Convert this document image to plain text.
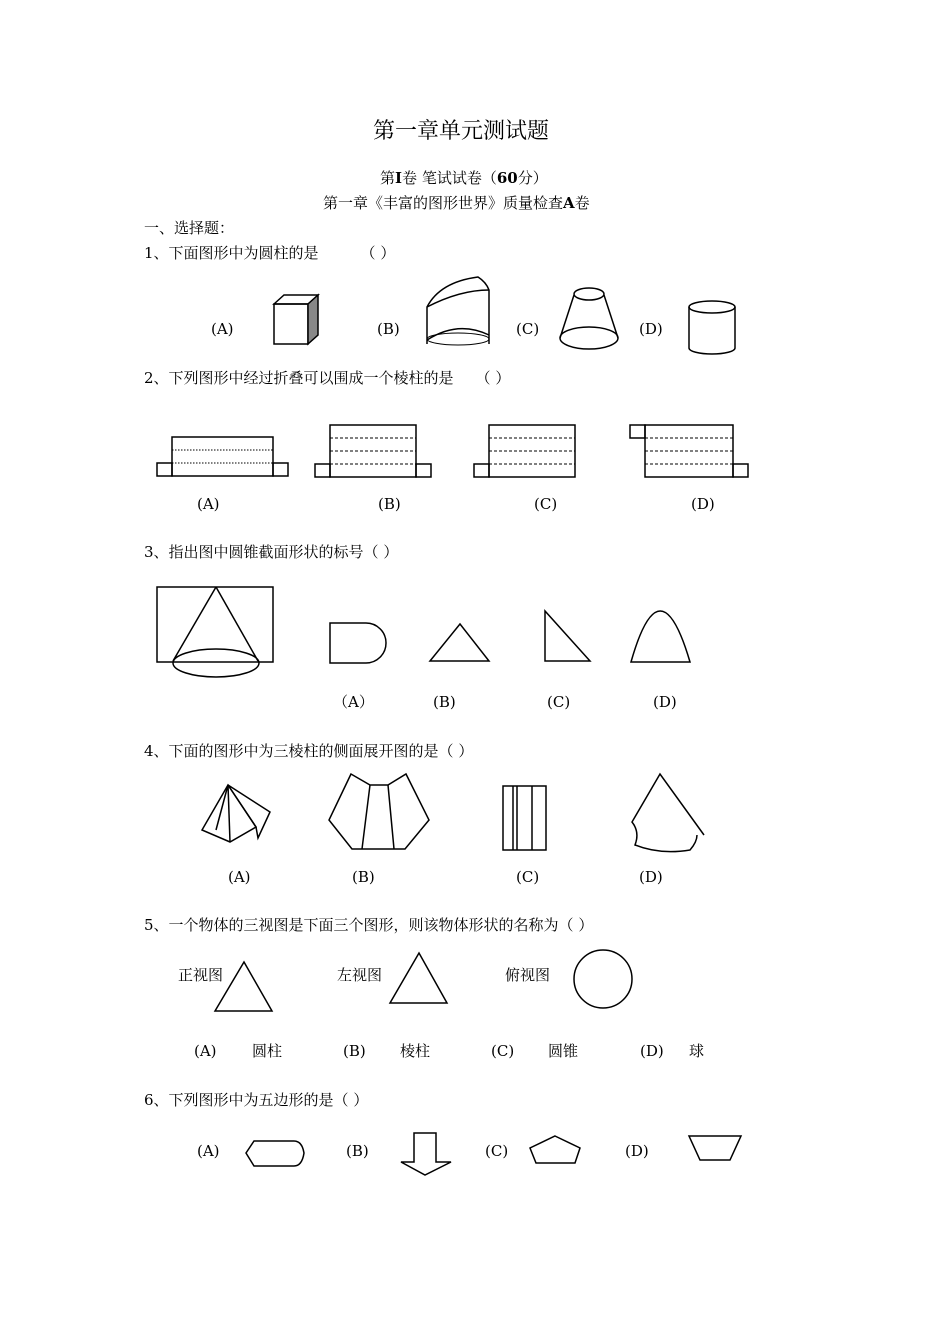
第一章单元测试题
第I卷 笔试试卷（60分）
第一章《丰富的图形世界》质量检查A卷
一、选择题：
1、下面图形中为圆柱的是	（ ）
(A)	(B)	(C)	(D)
2、下列图形中经过折叠可以围成一个棱柱的是 （ ）
(A)	(B)	(C)	(D)
3、指出图中圆锥截面形状的标号（ ）
（A）	(B)	(C)	(D)
4、下面的图形中为三棱柱的侧面展开图的是（ ）
(A)	(B)	(C)	(D)
5、一个物体的三视图是下面三个图形，则该物体形状的名称为（ ）
正视图	左视图	俯视图
(A) 圆柱	(B) 棱柱	(C) 圆锥	(D) 球
6、下列图形中为五边形的是（ ）
(A)	(B)	(C)	(D)
